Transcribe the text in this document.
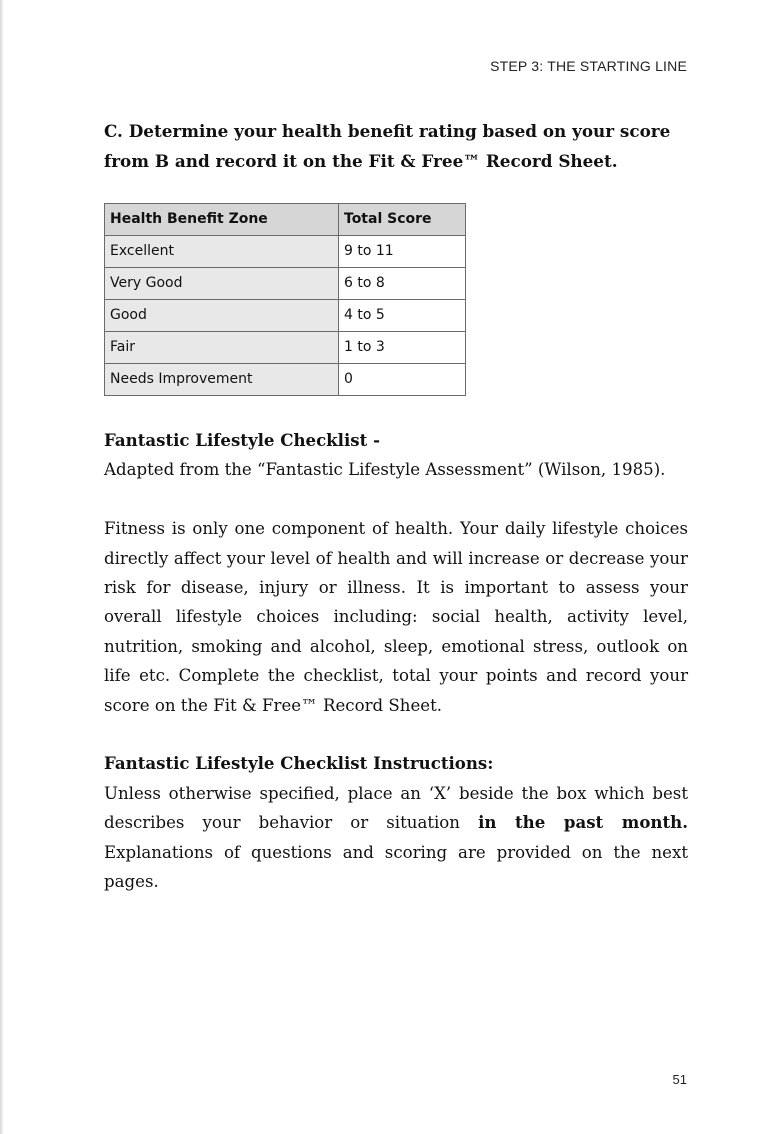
STEP 3: THE STARTING LINE
C. Determine your health benefit rating based on your score from B and record it on the Fit & Free™ Record Sheet.
Health Benefit Zone	Total Score
Excellent	9 to 11
Very Good	6 to 8
Good	4 to 5
Fair	1 to 3
Needs Improvement	0
Fantastic Lifestyle Checklist -

Adapted from the “Fantastic Lifestyle Assessment” (Wilson, 1985).

Fitness is only one component of health. Your daily lifestyle choices directly affect your level of health and will increase or decrease your risk for disease, injury or illness. It is important to assess your overall lifestyle choices including: social health, activity level, nutrition, smoking and alcohol, sleep, emotional stress, outlook on life etc. Complete the checklist, total your points and record your score on the Fit & Free™ Record Sheet.

Fantastic Lifestyle Checklist Instructions:

Unless otherwise specified, place an ‘X’ beside the box which best describes your behavior or situation in the past month. Explanations of questions and scoring are provided on the next pages.

51
